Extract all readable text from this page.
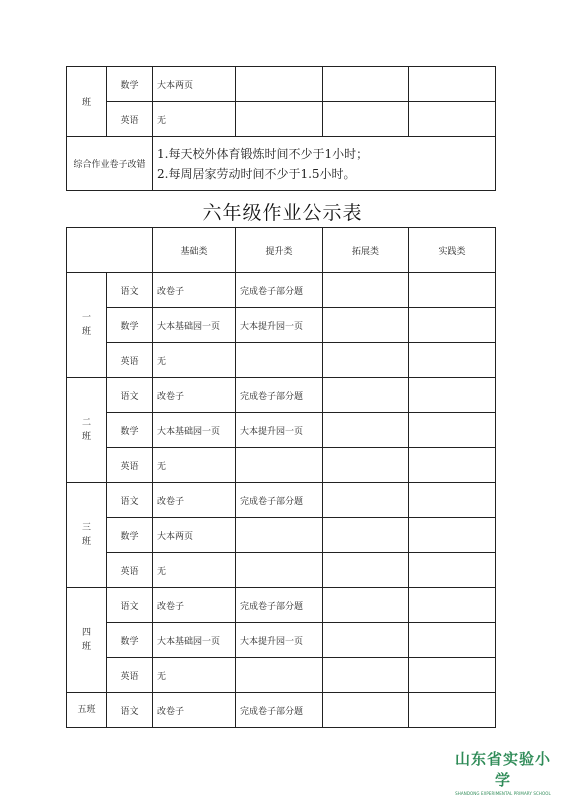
班	数学	大本两页			
	英语	无			
综合作业卷子改错		1.每天校外体育锻炼时间不少于1小时；
2.每周居家劳动时间不少于1.5小时。			
六年级作业公示表
		基础类	提升类	拓展类	实践类

一
班	语文	改卷子	完成卷子部分题		
	数学	大本基础园一页	大本提升园一页		
	英语	无			

二
班	语文	改卷子	完成卷子部分题		
	数学	大本基础园一页	大本提升园一页		
	英语	无			

三
班	语文	改卷子	完成卷子部分题		
	数学	大本两页			
	英语	无			

四
班	语文	改卷子	完成卷子部分题		
	数学	大本基础园一页	大本提升园一页		
	英语	无			
五班	语文	改卷子	完成卷子部分题		
山东省实验小学
SHANDONG EXPERIMENTAL PRIMARY SCHOOL
